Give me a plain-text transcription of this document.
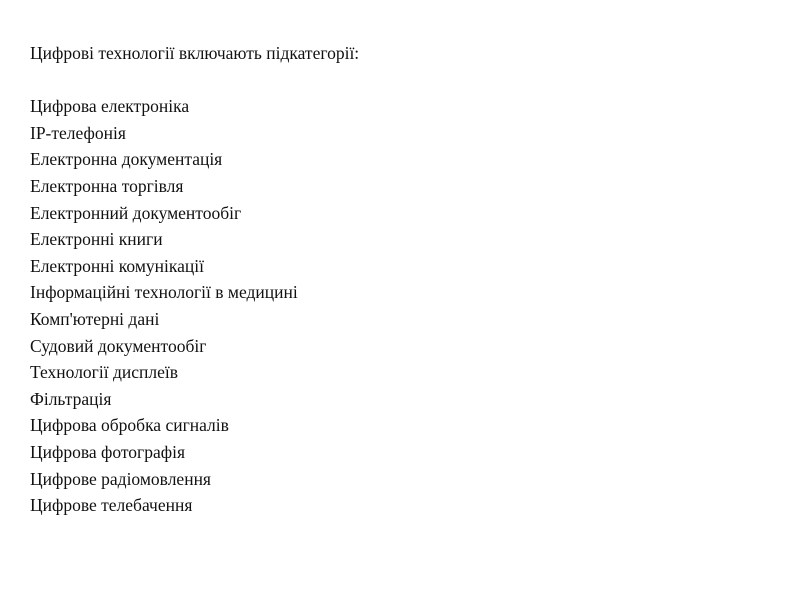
Цифрові технології включають підкатегорії:

Цифрова електроніка
IP-телефонія
Електронна документація
Електронна торгівля
Електронний документообіг
Електронні книги
Електронні комунікації
Інформаційні технології в медицині
Комп'ютерні дані
Судовий документообіг
Технології дисплеїв
Фільтрація
Цифрова обробка сигналів
Цифрова фотографія
Цифрове радіомовлення
Цифрове телебачення
